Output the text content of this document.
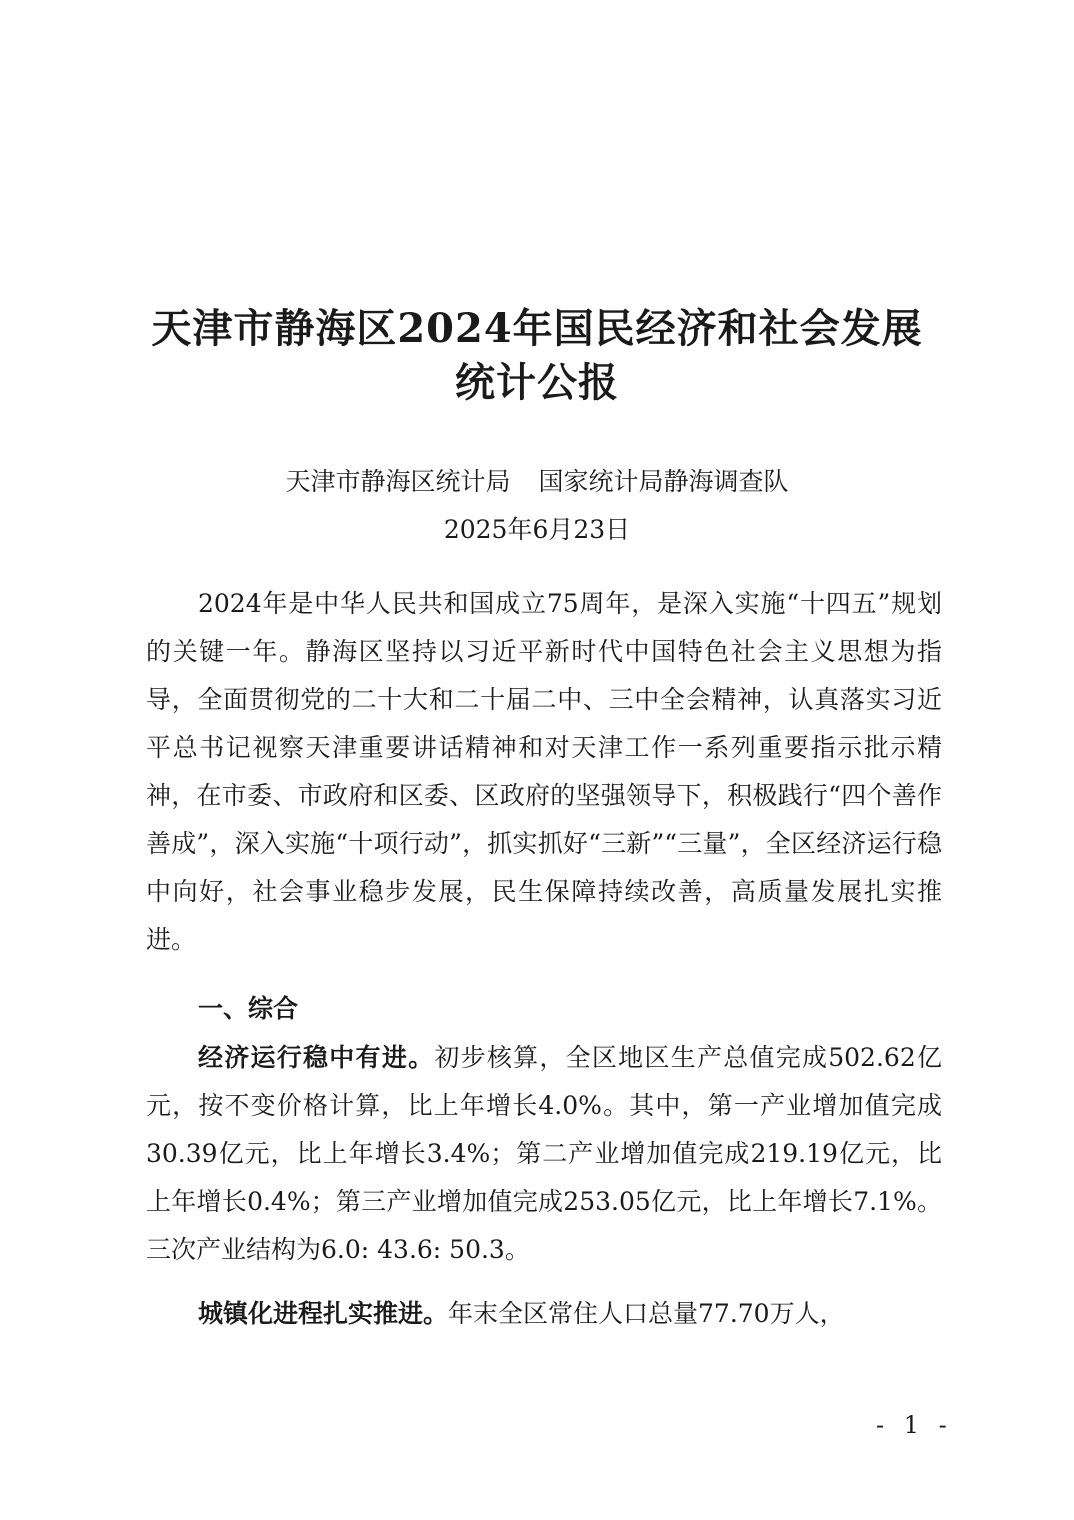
天津市静海区2024年国民经济和社会发展
统计公报
天津市静海区统计局 国家统计局静海调查队
2025年6月23日

2024年是中华人民共和国成立75周年，是深入实施“十四五”规划的关键一年。静海区坚持以习近平新时代中国特色社会主义思想为指导，全面贯彻党的二十大和二十届二中、三中全会精神，认真落实习近平总书记视察天津重要讲话精神和对天津工作一系列重要指示批示精神，在市委、市政府和区委、区政府的坚强领导下，积极践行“四个善作善成”，深入实施“十项行动”，抓实抓好“三新”“三量”，全区经济运行稳中向好，社会事业稳步发展，民生保障持续改善，高质量发展扎实推进。

一、综合

经济运行稳中有进。初步核算，全区地区生产总值完成502.62亿元，按不变价格计算，比上年增长4.0%。其中，第一产业增加值完成30.39亿元，比上年增长3.4%；第二产业增加值完成219.19亿元，比上年增长0.4%；第三产业增加值完成253.05亿元，比上年增长7.1%。三次产业结构为6.0: 43.6: 50.3。

城镇化进程扎实推进。年末全区常住人口总量77.70万人，

- 1 -
